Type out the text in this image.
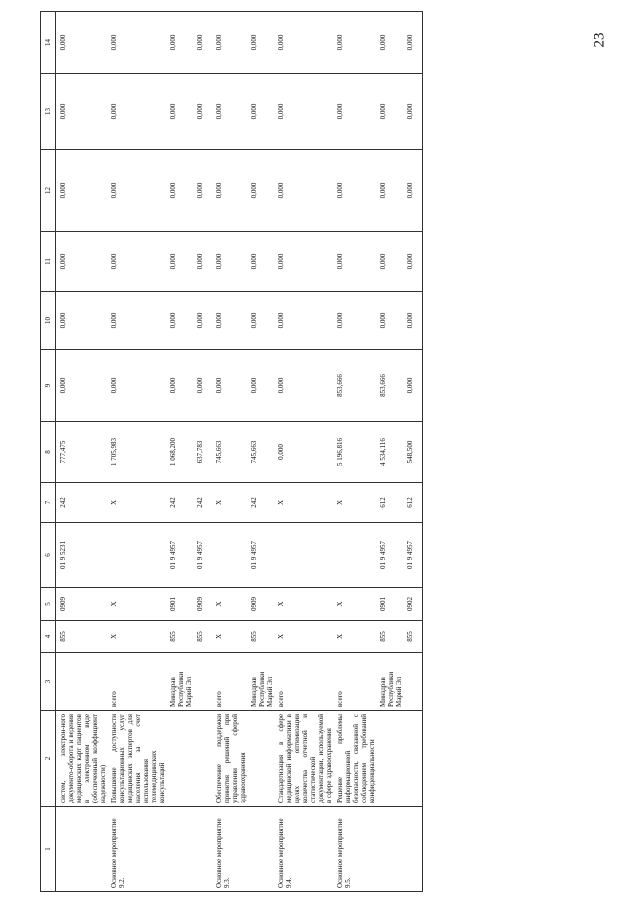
23
1	2	3	4	5	6	7	8	9	10	11	12	13	14
	систем, электрон-ного документо-оборота и ведения медицинских карт пациентов в электронном виде (обеспеченный коэффициент надежности)		855	0909	01 9 5231	242	777,475	0,000	0,000	0,000	0,000	0,000	0,000
Основное мероприятие 9.2.	Повышение доступности консультационных услуг медицинских экспертов для населения за счет использования телемедицинских консультаций	всего	X	X		X	1 705,983	0,000	0,000	0,000	0,000	0,000	0,000
		Минздрав Республики Марий Эл	855	0901	01 9 4957	242	1 068,200	0,000	0,000	0,000	0,000	0,000	0,000
			855	0909	01 9 4957	242	637,783	0,000	0,000	0,000	0,000	0,000	0,000
Основное мероприятие 9.3.	Обеспечение поддержки принятия решений при управлении сферой здравоохранения	всего	X	X		X	745,663	0,000	0,000	0,000	0,000	0,000	0,000
		Минздрав Республики Марий Эл	855	0909	01 9 4957	242	745,663	0,000	0,000	0,000	0,000	0,000	0,000
Основное мероприятие 9.4.	Стандартизация в сфере медицинской информатики в целях оптимизации количества отчетной и статистической документации, используемой в сфере здравоохранения	всего	X	X		X	0,000	0,000	0,000	0,000	0,000	0,000	0,000
Основное мероприятие 9.5.	Решение проблемы информационной безопасности, связанной с соблюдением требований конфиденциальности	всего	X	X		X	5 196,816	853,666	0,000	0,000	0,000	0,000	0,000
		Минздрав Республики Марий Эл	855	0901	01 9 4957	612	4 534,116	853,666	0,000	0,000	0,000	0,000	0,000
			855	0902	01 9 4957	612	548,500	0,000	0,000	0,000	0,000	0,000	0,000
